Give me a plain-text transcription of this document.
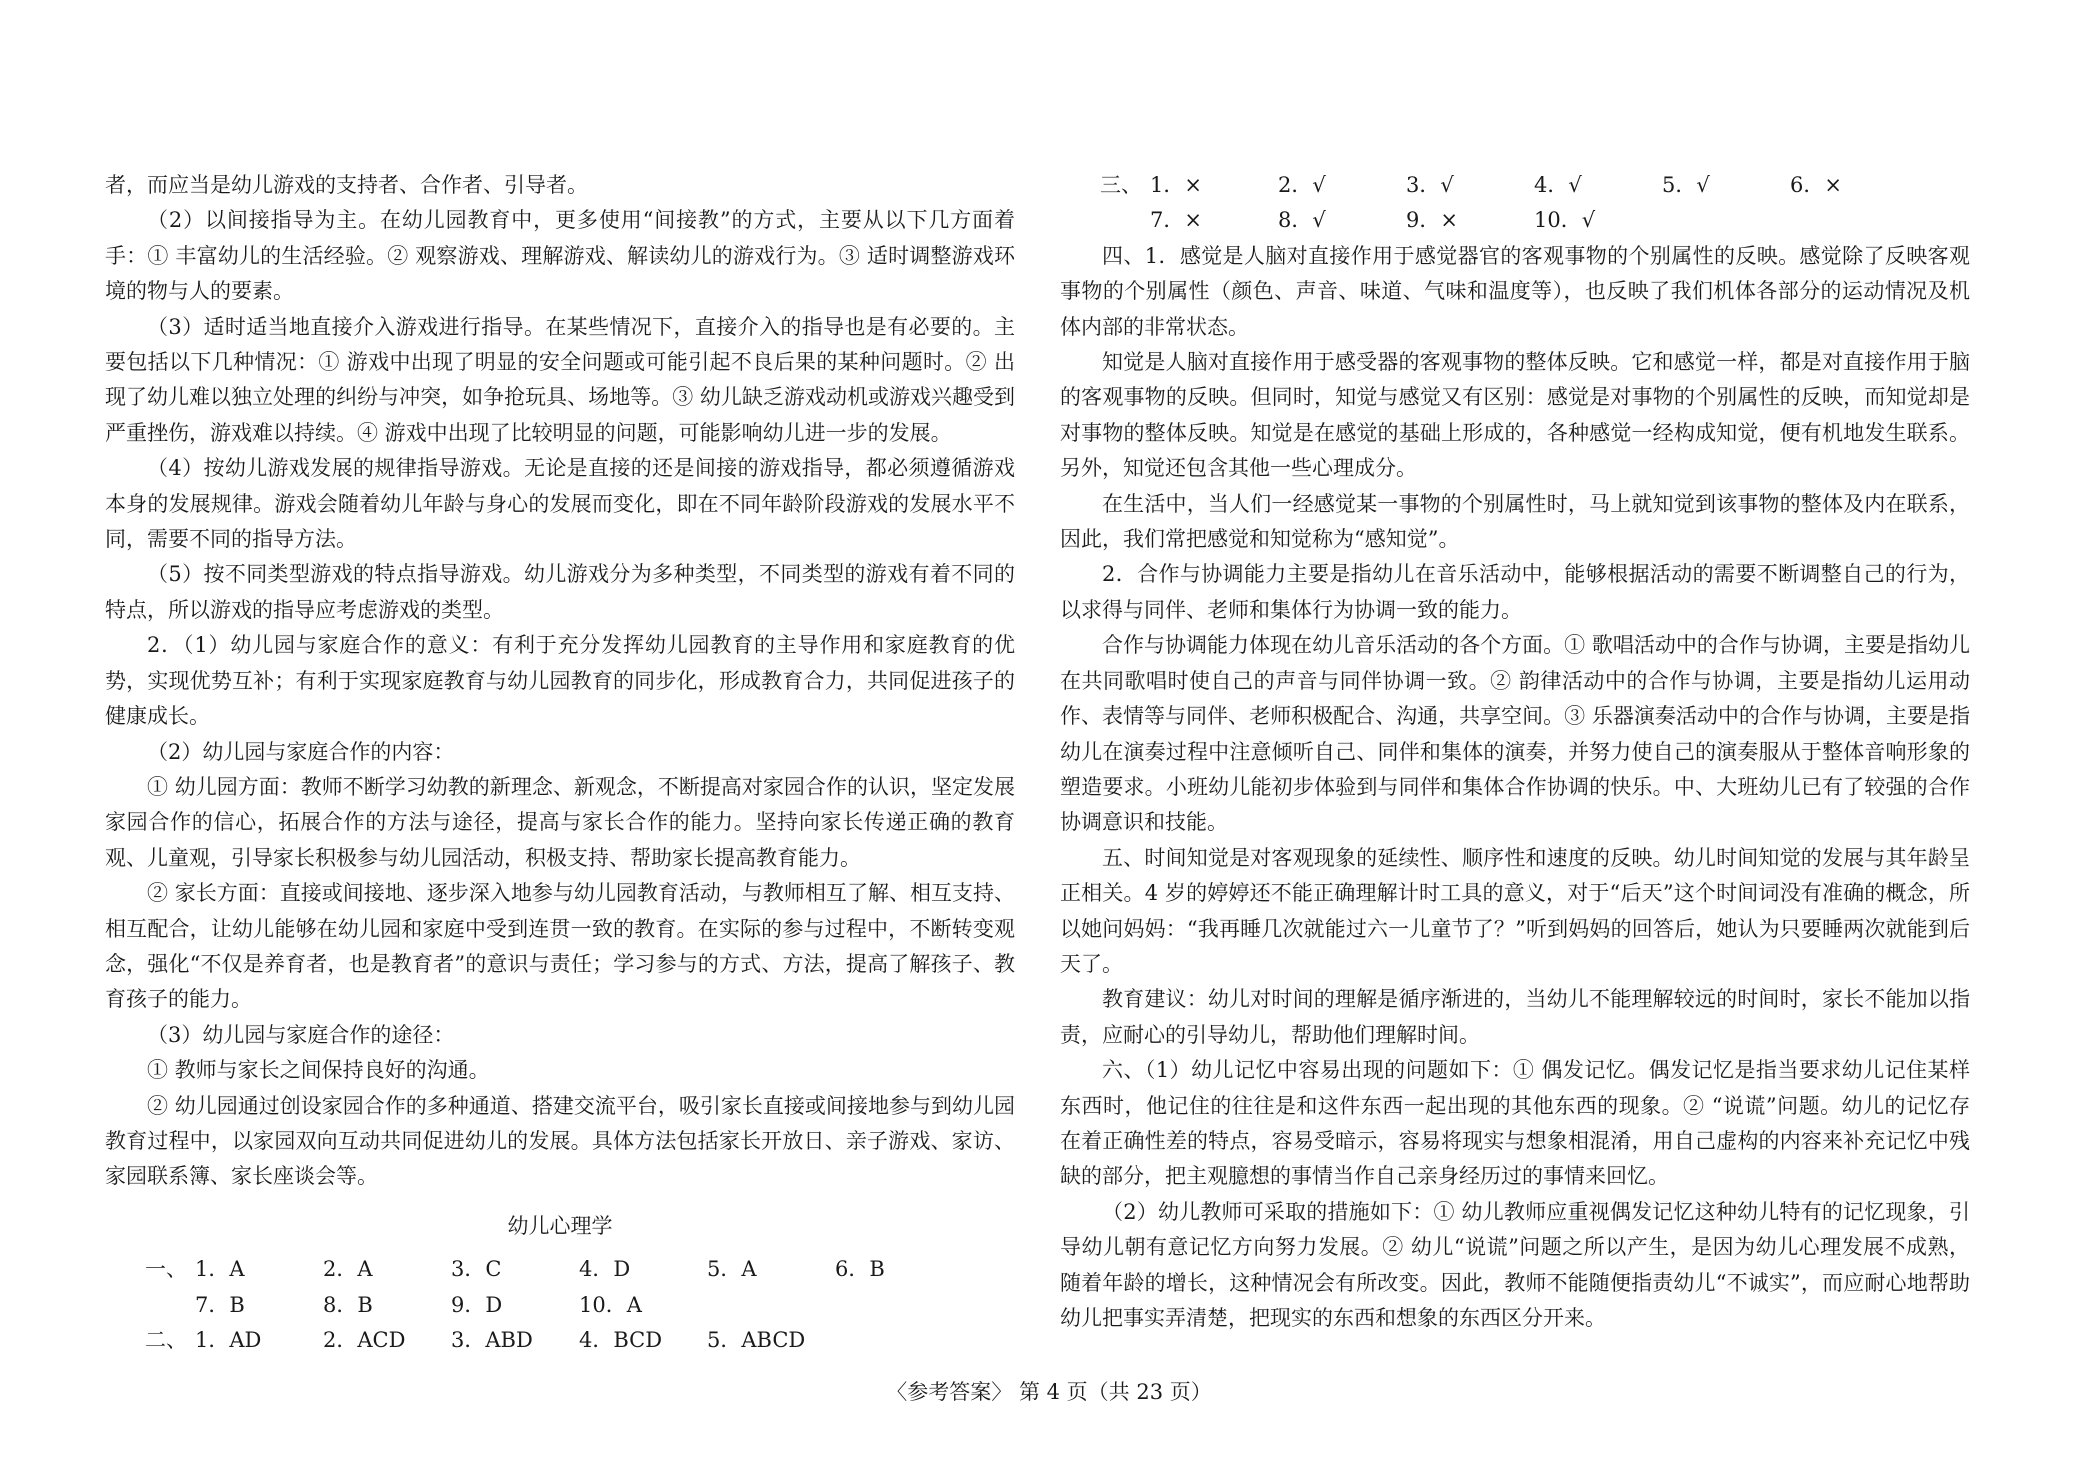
者，而应当是幼儿游戏的支持者、合作者、引导者。

（2）以间接指导为主。在幼儿园教育中，更多使用“间接教”的方式，主要从以下几方面着手：① 丰富幼儿的生活经验。② 观察游戏、理解游戏、解读幼儿的游戏行为。③ 适时调整游戏环境的物与人的要素。

（3）适时适当地直接介入游戏进行指导。在某些情况下，直接介入的指导也是有必要的。主要包括以下几种情况：① 游戏中出现了明显的安全问题或可能引起不良后果的某种问题时。② 出现了幼儿难以独立处理的纠纷与冲突，如争抢玩具、场地等。③ 幼儿缺乏游戏动机或游戏兴趣受到严重挫伤，游戏难以持续。④ 游戏中出现了比较明显的问题，可能影响幼儿进一步的发展。

（4）按幼儿游戏发展的规律指导游戏。无论是直接的还是间接的游戏指导，都必须遵循游戏本身的发展规律。游戏会随着幼儿年龄与身心的发展而变化，即在不同年龄阶段游戏的发展水平不同，需要不同的指导方法。

（5）按不同类型游戏的特点指导游戏。幼儿游戏分为多种类型，不同类型的游戏有着不同的特点，所以游戏的指导应考虑游戏的类型。

2．（1）幼儿园与家庭合作的意义：有利于充分发挥幼儿园教育的主导作用和家庭教育的优势，实现优势互补；有利于实现家庭教育与幼儿园教育的同步化，形成教育合力，共同促进孩子的健康成长。

（2）幼儿园与家庭合作的内容：

① 幼儿园方面：教师不断学习幼教的新理念、新观念，不断提高对家园合作的认识，坚定发展家园合作的信心，拓展合作的方法与途径，提高与家长合作的能力。坚持向家长传递正确的教育观、儿童观，引导家长积极参与幼儿园活动，积极支持、帮助家长提高教育能力。

② 家长方面：直接或间接地、逐步深入地参与幼儿园教育活动，与教师相互了解、相互支持、相互配合，让幼儿能够在幼儿园和家庭中受到连贯一致的教育。在实际的参与过程中，不断转变观念，强化“不仅是养育者，也是教育者”的意识与责任；学习参与的方式、方法，提高了解孩子、教育孩子的能力。

（3）幼儿园与家庭合作的途径：

① 教师与家长之间保持良好的沟通。

② 幼儿园通过创设家园合作的多种通道、搭建交流平台，吸引家长直接或间接地参与到幼儿园教育过程中，以家园双向互动共同促进幼儿的发展。具体方法包括家长开放日、亲子游戏、家访、家园联系簿、家长座谈会等。

幼儿心理学

一、 1．A	2．A	3．C	4．D	5．A	6．B
7．B	8．B	9．D	10．A
二、 1．AD	2．ACD	3．ABD	4．BCD	5．ABCD
三、 1．×	2．√	3．√	4．√	5．√	6．×
7．×	8．√	9．×	10．√

四、1．感觉是人脑对直接作用于感觉器官的客观事物的个别属性的反映。感觉除了反映客观事物的个别属性（颜色、声音、味道、气味和温度等），也反映了我们机体各部分的运动情况及机体内部的非常状态。

知觉是人脑对直接作用于感受器的客观事物的整体反映。它和感觉一样，都是对直接作用于脑的客观事物的反映。但同时，知觉与感觉又有区别：感觉是对事物的个别属性的反映，而知觉却是对事物的整体反映。知觉是在感觉的基础上形成的，各种感觉一经构成知觉，便有机地发生联系。另外，知觉还包含其他一些心理成分。

在生活中，当人们一经感觉某一事物的个别属性时，马上就知觉到该事物的整体及内在联系，因此，我们常把感觉和知觉称为“感知觉”。

2．合作与协调能力主要是指幼儿在音乐活动中，能够根据活动的需要不断调整自己的行为，以求得与同伴、老师和集体行为协调一致的能力。

合作与协调能力体现在幼儿音乐活动的各个方面。① 歌唱活动中的合作与协调，主要是指幼儿在共同歌唱时使自己的声音与同伴协调一致。② 韵律活动中的合作与协调，主要是指幼儿运用动作、表情等与同伴、老师积极配合、沟通，共享空间。③ 乐器演奏活动中的合作与协调，主要是指幼儿在演奏过程中注意倾听自己、同伴和集体的演奏，并努力使自己的演奏服从于整体音响形象的塑造要求。小班幼儿能初步体验到与同伴和集体合作协调的快乐。中、大班幼儿已有了较强的合作协调意识和技能。

五、时间知觉是对客观现象的延续性、顺序性和速度的反映。幼儿时间知觉的发展与其年龄呈正相关。4 岁的婷婷还不能正确理解计时工具的意义，对于“后天”这个时间词没有准确的概念，所以她问妈妈：“我再睡几次就能过六一儿童节了？”听到妈妈的回答后，她认为只要睡两次就能到后天了。

教育建议：幼儿对时间的理解是循序渐进的，当幼儿不能理解较远的时间时，家长不能加以指责，应耐心的引导幼儿，帮助他们理解时间。

六、（1）幼儿记忆中容易出现的问题如下：① 偶发记忆。偶发记忆是指当要求幼儿记住某样东西时，他记住的往往是和这件东西一起出现的其他东西的现象。② “说谎”问题。幼儿的记忆存在着正确性差的特点，容易受暗示，容易将现实与想象相混淆，用自己虚构的内容来补充记忆中残缺的部分，把主观臆想的事情当作自己亲身经历过的事情来回忆。

（2）幼儿教师可采取的措施如下：① 幼儿教师应重视偶发记忆这种幼儿特有的记忆现象，引导幼儿朝有意记忆方向努力发展。② 幼儿“说谎”问题之所以产生，是因为幼儿心理发展不成熟，随着年龄的增长，这种情况会有所改变。因此，教师不能随便指责幼儿“不诚实”，而应耐心地帮助幼儿把事实弄清楚，把现实的东西和想象的东西区分开来。

〈参考答案〉 第 4 页（共 23 页）
